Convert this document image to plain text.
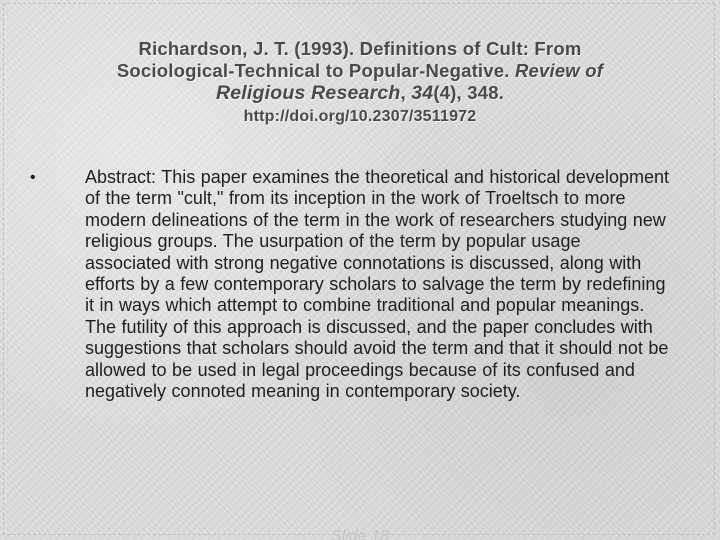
Richardson, J. T. (1993). Definitions of Cult: From
Sociological-Technical to Popular-Negative. Review of
Religious Research, 34(4), 348.
http://doi.org/10.2307/3511972
•	Abstract: This paper examines the theoretical and historical development of the term "cult," from its inception in the work of Troeltsch to more modern delineations of the term in the work of researchers studying new religious groups. The usurpation of the term by popular usage associated with strong negative connotations is discussed, along with efforts by a few contemporary scholars to salvage the term by redefining it in ways which attempt to combine traditional and popular meanings. The futility of this approach is discussed, and the paper concludes with suggestions that scholars should avoid the term and that it should not be allowed to be used in legal proceedings because of its confused and negatively connoted meaning in contemporary society.
Slide 18
